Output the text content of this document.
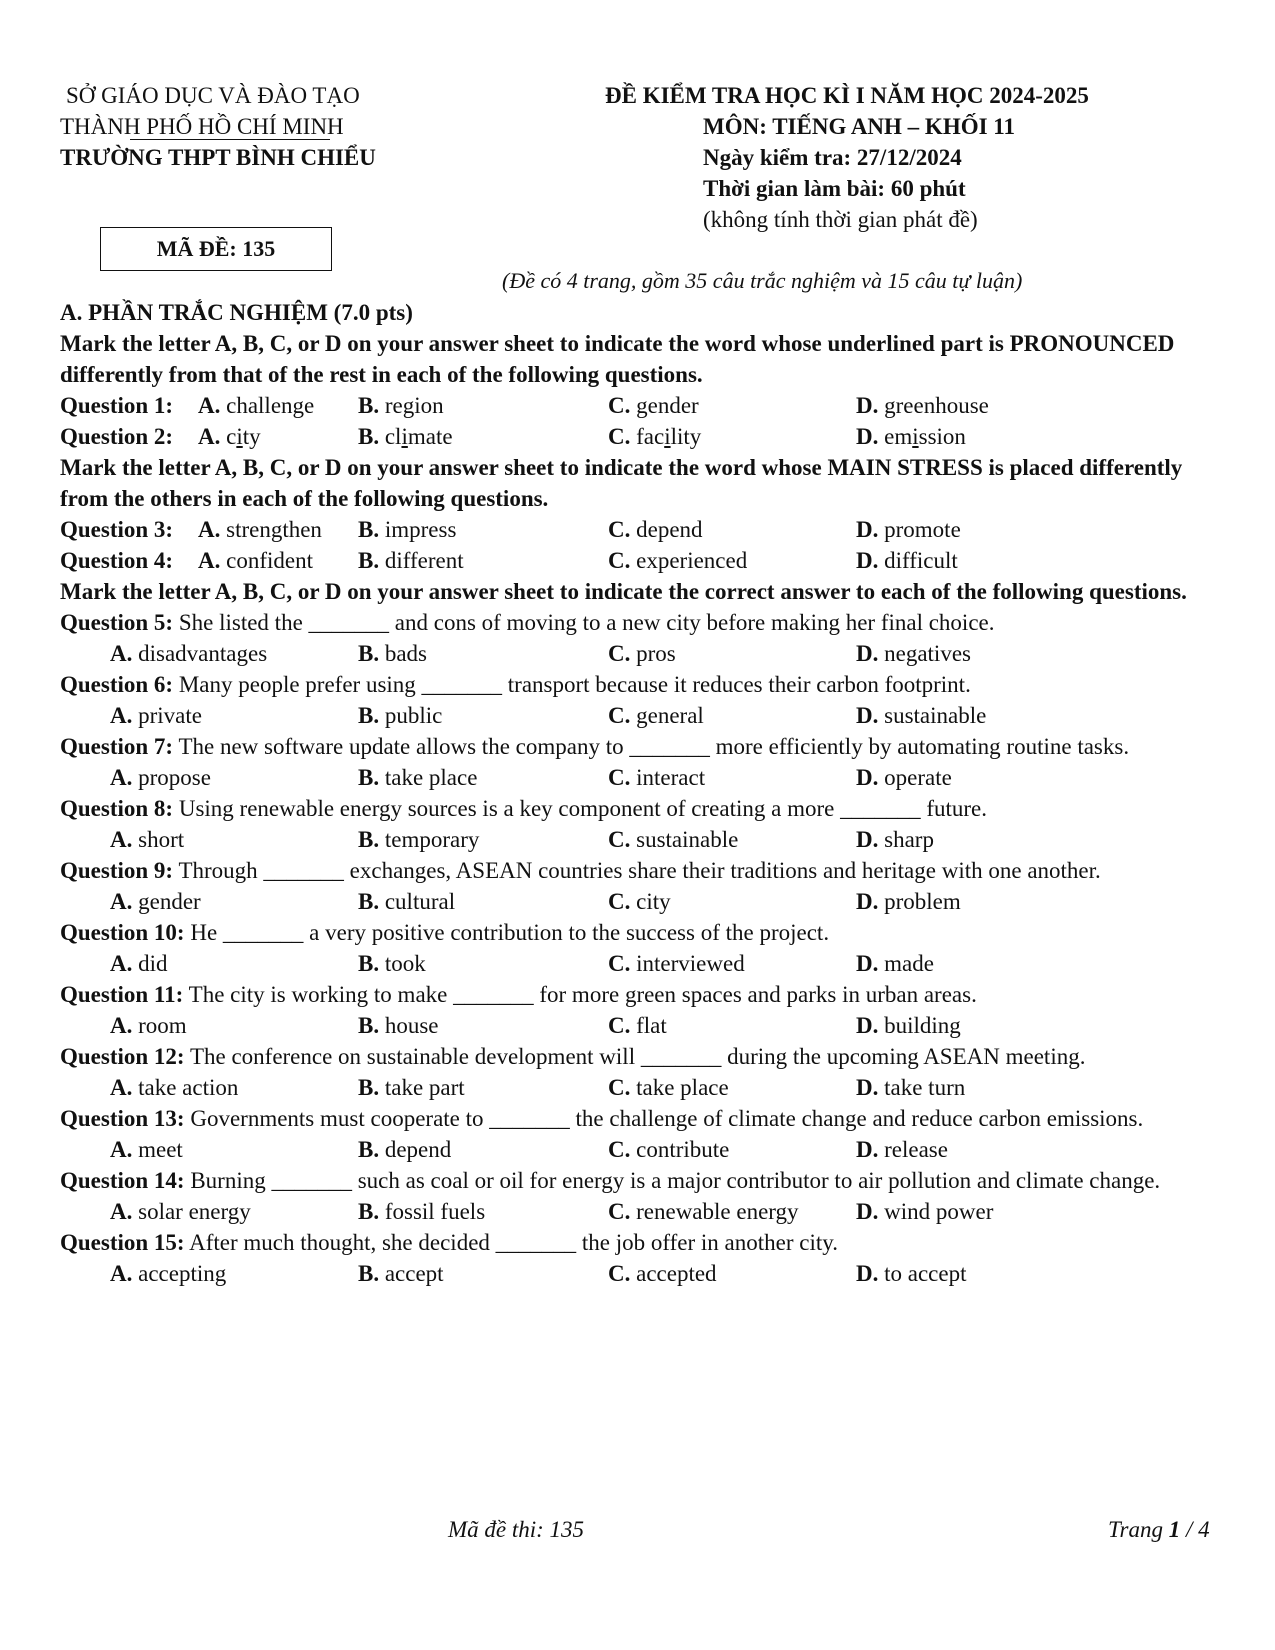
SỞ GIÁO DỤC VÀ ĐÀO TẠO
THÀNH PHỐ HỒ CHÍ MINH
TRƯỜNG THPT BÌNH CHIỂU
ĐỀ KIỂM TRA HỌC KÌ I NĂM HỌC 2024-2025
MÔN: TIẾNG ANH – KHỐI 11
Ngày kiểm tra: 27/12/2024
Thời gian làm bài: 60 phút
(không tính thời gian phát đề)
MÃ ĐỀ: 135
(Đề có 4 trang, gồm 35 câu trắc nghiệm và 15 câu tự luận)
A. PHẦN TRẮC NGHIỆM (7.0 pts)
Mark the letter A, B, C, or D on your answer sheet to indicate the word whose underlined part is PRONOUNCED differently from that of the rest in each of the following questions.
Question 1: A. challenge B. region	C. gender	D. greenhouse
Question 2: A. city	B. climate	C. facility	D. emission
Mark the letter A, B, C, or D on your answer sheet to indicate the word whose MAIN STRESS is placed differently from the others in each of the following questions.
Question 3: A. strengthen B. impress	C. depend	D. promote
Question 4: A. confident B. different	C. experienced	D. difficult
Mark the letter A, B, C, or D on your answer sheet to indicate the correct answer to each of the following questions.
Question 5: She listed the _______ and cons of moving to a new city before making her final choice.
A. disadvantages	B. bads	C. pros	D. negatives
Question 6: Many people prefer using _______ transport because it reduces their carbon footprint.
A. private	B. public	C. general	D. sustainable
Question 7: The new software update allows the company to _______ more efficiently by automating routine tasks.
A. propose	B. take place	C. interact	D. operate
Question 8: Using renewable energy sources is a key component of creating a more _______ future.
A. short	B. temporary	C. sustainable	D. sharp
Question 9: Through _______ exchanges, ASEAN countries share their traditions and heritage with one another.
A. gender	B. cultural	C. city	D. problem
Question 10: He _______ a very positive contribution to the success of the project.
A. did	B. took	C. interviewed	D. made
Question 11: The city is working to make _______ for more green spaces and parks in urban areas.
A. room	B. house	C. flat	D. building
Question 12: The conference on sustainable development will _______ during the upcoming ASEAN meeting.
A. take action	B. take part	C. take place	D. take turn
Question 13: Governments must cooperate to _______ the challenge of climate change and reduce carbon emissions.
A. meet	B. depend	C. contribute	D. release
Question 14: Burning _______ such as coal or oil for energy is a major contributor to air pollution and climate change.
A. solar energy	B. fossil fuels	C. renewable energy D. wind power
Question 15: After much thought, she decided _______ the job offer in another city.
A. accepting	B. accept	C. accepted	D. to accept
Mã đề thi: 135	Trang 1 / 4
